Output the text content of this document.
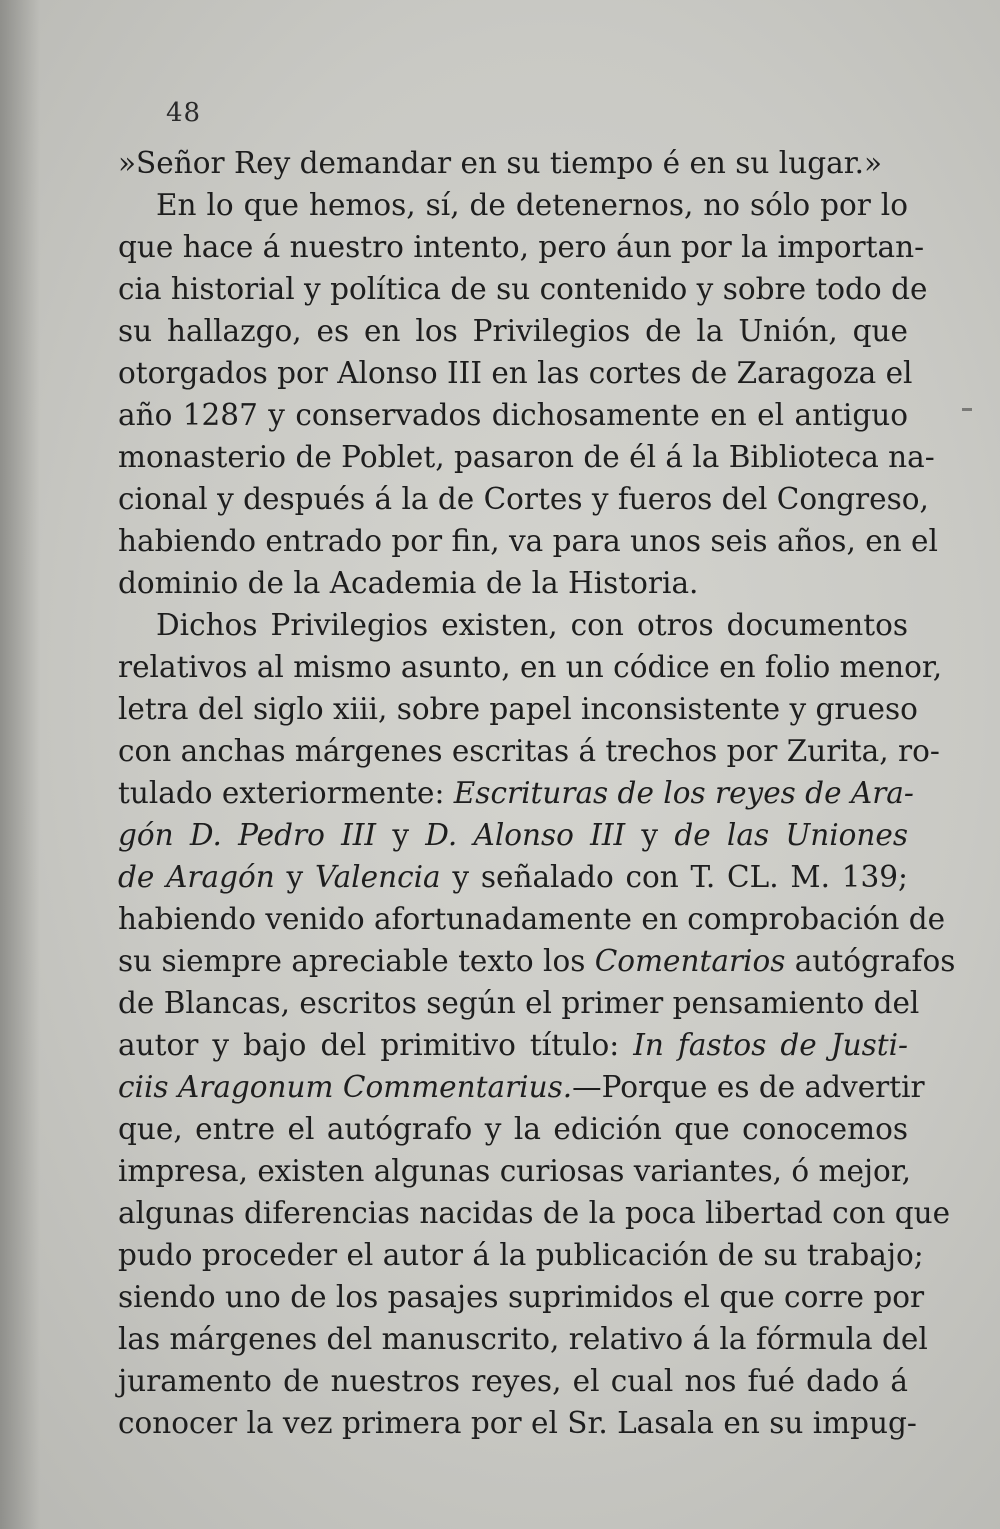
48
»Señor Rey demandar en su tiempo é en su lugar.»
En lo que hemos, sí, de detenernos, no sólo por lo
que hace á nuestro intento, pero áun por la importan-
cia historial y política de su contenido y sobre todo de
su hallazgo, es en los Privilegios de la Unión, que
otorgados por Alonso III en las cortes de Zaragoza el
año 1287 y conservados dichosamente en el antiguo
monasterio de Poblet, pasaron de él á la Biblioteca na-
cional y después á la de Cortes y fueros del Congreso,
habiendo entrado por fin, va para unos seis años, en el
dominio de la Academia de la Historia.
Dichos Privilegios existen, con otros documentos
relativos al mismo asunto, en un códice en folio menor,
letra del siglo xiii, sobre papel inconsistente y grueso
con anchas márgenes escritas á trechos por Zurita, ro-
tulado exteriormente: Escrituras de los reyes de Ara-
gón D. Pedro III y D. Alonso III y de las Uniones
de Aragón y Valencia y señalado con T. CL. M. 139;
habiendo venido afortunadamente en comprobación de
su siempre apreciable texto los Comentarios autógrafos
de Blancas, escritos según el primer pensamiento del
autor y bajo del primitivo título: In fastos de Justi-
ciis Aragonum Commentarius.—Porque es de advertir
que, entre el autógrafo y la edición que conocemos
impresa, existen algunas curiosas variantes, ó mejor,
algunas diferencias nacidas de la poca libertad con que
pudo proceder el autor á la publicación de su trabajo;
siendo uno de los pasajes suprimidos el que corre por
las márgenes del manuscrito, relativo á la fórmula del
juramento de nuestros reyes, el cual nos fué dado á
conocer la vez primera por el Sr. Lasala en su impug-
